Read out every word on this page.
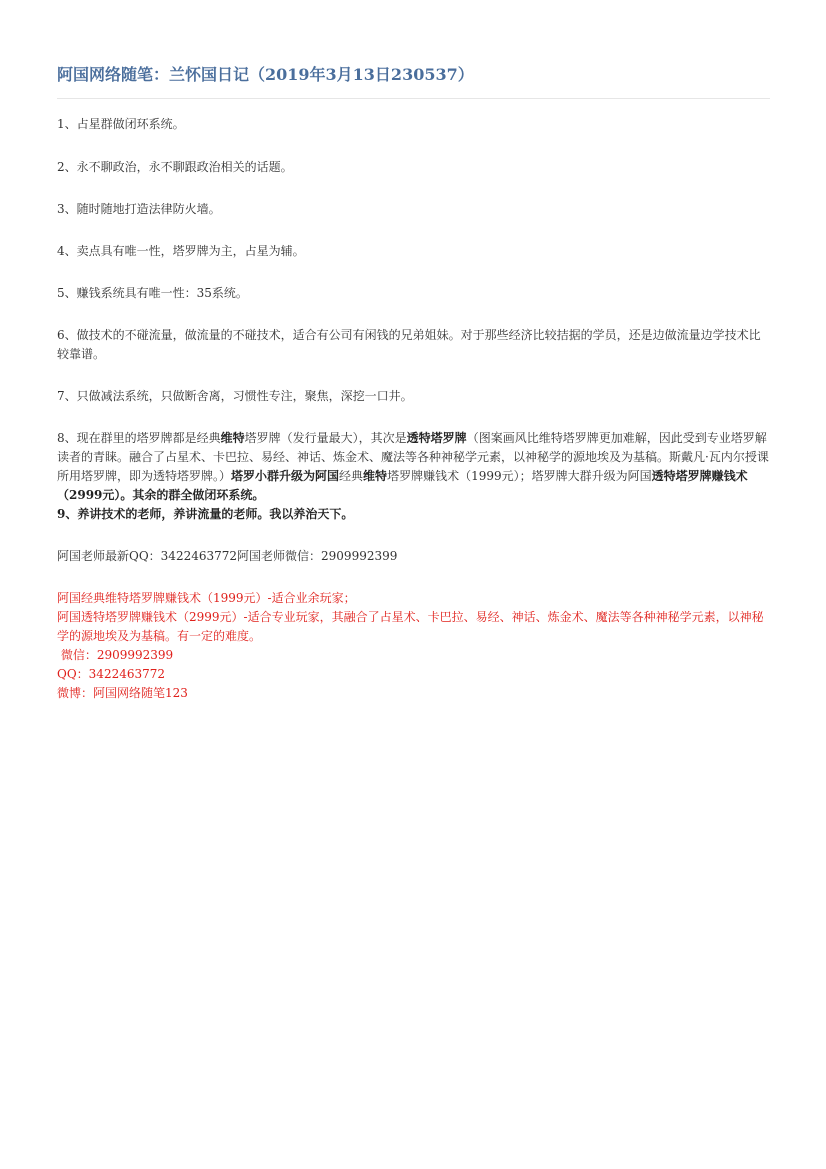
阿国网络随笔：兰怀国日记（2019年3月13日230537）

1、占星群做闭环系统。

2、永不聊政治，永不聊跟政治相关的话题。

3、随时随地打造法律防火墙。

4、卖点具有唯一性，塔罗牌为主，占星为辅。

5、赚钱系统具有唯一性：35系统。

6、做技术的不碰流量，做流量的不碰技术，适合有公司有闲钱的兄弟姐妹。对于那些经济比较拮据的学员，还是边做流量边学技术比较靠谱。

7、只做减法系统，只做断舍离，习惯性专注，聚焦，深挖一口井。

8、现在群里的塔罗牌都是经典维特塔罗牌（发行量最大），其次是透特塔罗牌（图案画风比维特塔罗牌更加难解，因此受到专业塔罗解读者的青睐。融合了占星术、卡巴拉、易经、神话、炼金术、魔法等各种神秘学元素，以神秘学的源地埃及为基稿。斯戴凡·瓦内尔授课所用塔罗牌，即为透特塔罗牌。）塔罗小群升级为阿国经典维特塔罗牌赚钱术（1999元）；塔罗牌大群升级为阿国透特塔罗牌赚钱术（2999元）。其余的群全做闭环系统。

9、养讲技术的老师，养讲流量的老师。我以养治天下。

阿国老师最新QQ：3422463772阿国老师微信：2909992399

阿国经典维特塔罗牌赚钱术（1999元）-适合业余玩家；

阿国透特塔罗牌赚钱术（2999元）-适合专业玩家，其融合了占星术、卡巴拉、易经、神话、炼金术、魔法等各种神秘学元素，以神秘学的源地埃及为基稿。有一定的难度。

微信：2909992399

QQ：3422463772

微博：阿国网络随笔123
